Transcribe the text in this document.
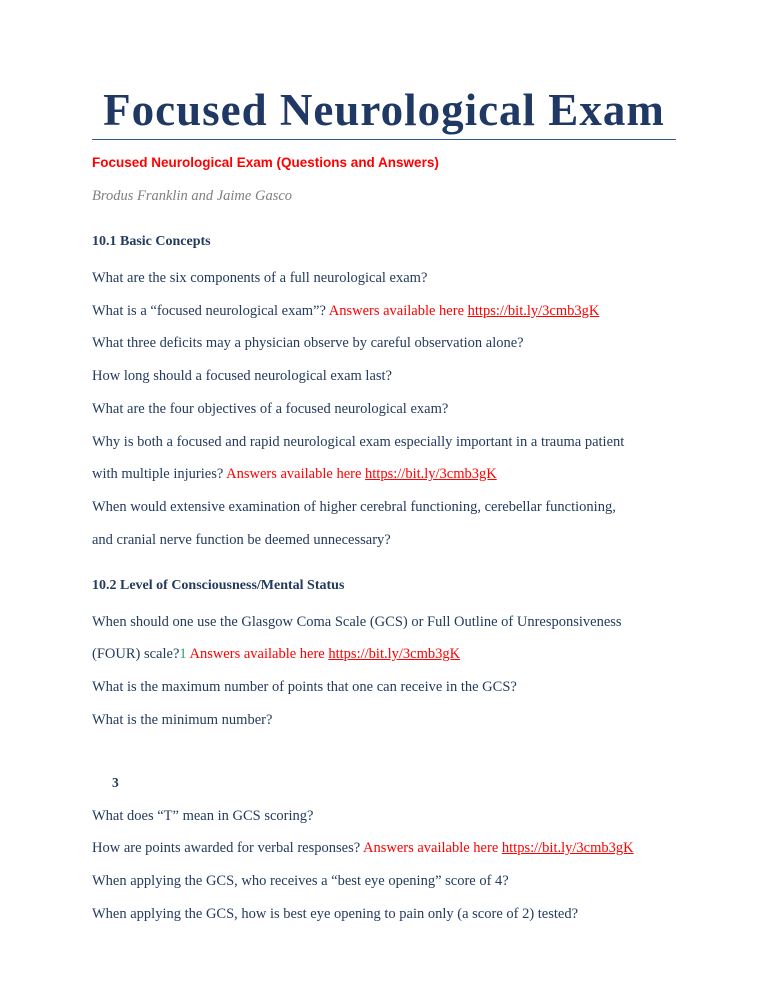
Focused Neurological Exam
Focused Neurological Exam (Questions and Answers)
Brodus Franklin and Jaime Gasco
10.1 Basic Concepts
What are the six components of a full neurological exam?
What is a “focused neurological exam”? Answers available here https://bit.ly/3cmb3gK
What three deficits may a physician observe by careful observation alone?
How long should a focused neurological exam last?
What are the four objectives of a focused neurological exam?
Why is both a focused and rapid neurological exam especially important in a trauma patient
with multiple injuries? Answers available here https://bit.ly/3cmb3gK
When would extensive examination of higher cerebral functioning, cerebellar functioning,
and cranial nerve function be deemed unnecessary?
10.2 Level of Consciousness/Mental Status
When should one use the Glasgow Coma Scale (GCS) or Full Outline of Unresponsiveness
(FOUR) scale?1 Answers available here https://bit.ly/3cmb3gK
What is the maximum number of points that one can receive in the GCS?
What is the minimum number?
3
What does “T” mean in GCS scoring?
How are points awarded for verbal responses? Answers available here https://bit.ly/3cmb3gK
When applying the GCS, who receives a “best eye opening” score of 4?
When applying the GCS, how is best eye opening to pain only (a score of 2) tested?
